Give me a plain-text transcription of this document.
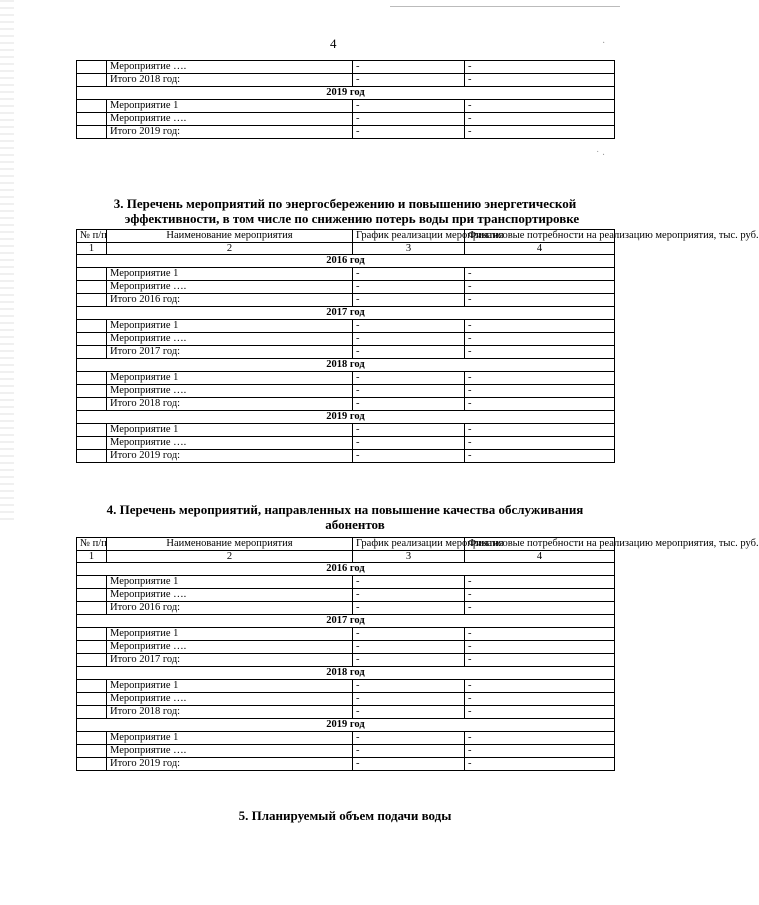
·
˙ ·
4
	Мероприятие ….	-	-
	Итого 2018 год:	-	-
2019 год			
	Мероприятие 1	-	-
	Мероприятие ….	-	-
	Итого 2019 год:	-	-
3. Перечень мероприятий по энергосбережению и повышению энергетической
эффективности, в том числе по снижению потерь воды при транспортировке
№ п/п	Наименование мероприятия	График реализации мероприятия	Финансовые потребности на реализацию мероприятия, тыс. руб.
1	2	3	4
2016 год			
	Мероприятие 1	-	-
	Мероприятие ….	-	-
	Итого 2016 год:	-	-
2017 год			
	Мероприятие 1	-	-
	Мероприятие ….	-	-
	Итого 2017 год:	-	-
2018 год			
	Мероприятие 1	-	-
	Мероприятие ….	-	-
	Итого 2018 год:	-	-
2019 год			
	Мероприятие 1	-	-
	Мероприятие ….	-	-
	Итого 2019 год:	-	-
4. Перечень мероприятий, направленных на повышение качества обслуживания
абонентов
№ п/п	Наименование мероприятия	График реализации мероприятия	Финансовые потребности на реализацию мероприятия, тыс. руб.
1	2	3	4
2016 год			
	Мероприятие 1	-	-
	Мероприятие ….	-	-
	Итого 2016 год:	-	-
2017 год			
	Мероприятие 1	-	-
	Мероприятие ….	-	-
	Итого 2017 год:	-	-
2018 год			
	Мероприятие 1	-	-
	Мероприятие ….	-	-
	Итого 2018 год:	-	-
2019 год			
	Мероприятие 1	-	-
	Мероприятие ….	-	-
	Итого 2019 год:	-	-
5. Планируемый объем подачи воды
